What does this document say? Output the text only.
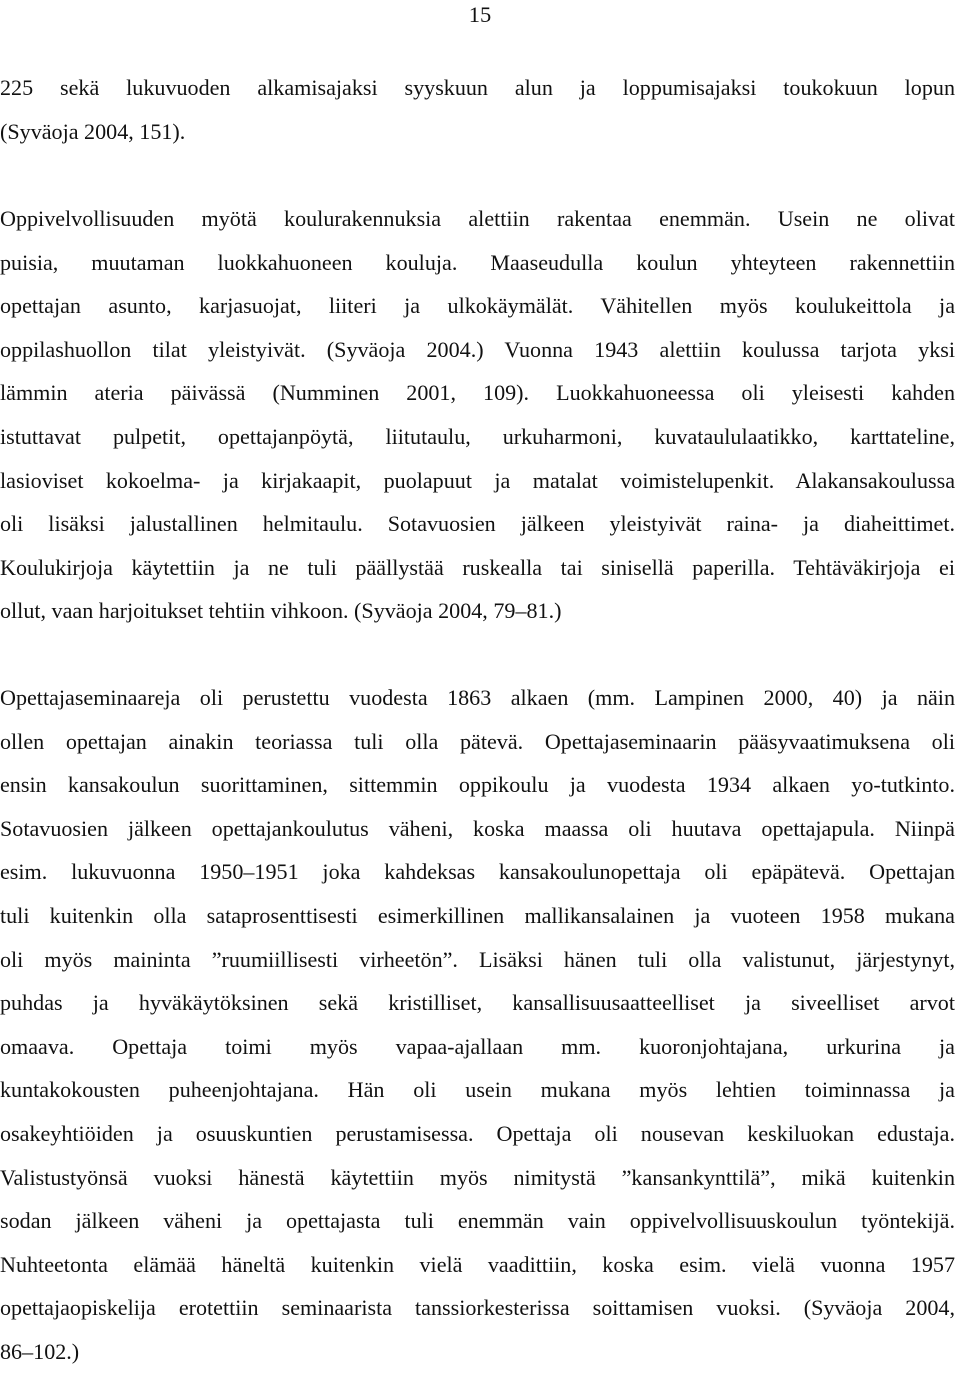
15
225 sekä lukuvuoden alkamisajaksi syyskuun alun ja loppumisajaksi toukokuun lopun
(Syväoja 2004, 151).
Oppivelvollisuuden myötä koulurakennuksia alettiin rakentaa enemmän. Usein ne olivat
puisia, muutaman luokkahuoneen kouluja. Maaseudulla koulun yhteyteen rakennettiin
opettajan asunto, karjasuojat, liiteri ja ulkokäymälät. Vähitellen myös koulukeittola ja
oppilashuollon tilat yleistyivät. (Syväoja 2004.) Vuonna 1943 alettiin koulussa tarjota yksi
lämmin ateria päivässä (Numminen 2001, 109). Luokkahuoneessa oli yleisesti kahden
istuttavat pulpetit, opettajanpöytä, liitutaulu, urkuharmoni, kuvataululaatikko, karttateline,
lasioviset kokoelma- ja kirjakaapit, puolapuut ja matalat voimistelupenkit. Alakansakoulussa
oli lisäksi jalustallinen helmitaulu. Sotavuosien jälkeen yleistyivät raina- ja diaheittimet.
Koulukirjoja käytettiin ja ne tuli päällystää ruskealla tai sinisellä paperilla. Tehtäväkirjoja ei
ollut, vaan harjoitukset tehtiin vihkoon. (Syväoja 2004, 79–81.)
Opettajaseminaareja oli perustettu vuodesta 1863 alkaen (mm. Lampinen 2000, 40) ja näin
ollen opettajan ainakin teoriassa tuli olla pätevä. Opettajaseminaarin pääsyvaatimuksena oli
ensin kansakoulun suorittaminen, sittemmin oppikoulu ja vuodesta 1934 alkaen yo-tutkinto.
Sotavuosien jälkeen opettajankoulutus väheni, koska maassa oli huutava opettajapula. Niinpä
esim. lukuvuonna 1950–1951 joka kahdeksas kansakoulunopettaja oli epäpätevä. Opettajan
tuli kuitenkin olla sataprosenttisesti esimerkillinen mallikansalainen ja vuoteen 1958 mukana
oli myös maininta ”ruumiillisesti virheetön”. Lisäksi hänen tuli olla valistunut, järjestynyt,
puhdas ja hyväkäytöksinen sekä kristilliset, kansallisuusaatteelliset ja siveelliset arvot
omaava. Opettaja toimi myös vapaa-ajallaan mm. kuoronjohtajana, urkurina ja
kuntakokousten puheenjohtajana. Hän oli usein mukana myös lehtien toiminnassa ja
osakeyhtiöiden ja osuuskuntien perustamisessa. Opettaja oli nousevan keskiluokan edustaja.
Valistustyönsä vuoksi hänestä käytettiin myös nimitystä ”kansankynttilä”, mikä kuitenkin
sodan jälkeen väheni ja opettajasta tuli enemmän vain oppivelvollisuuskoulun työntekijä.
Nuhteetonta elämää häneltä kuitenkin vielä vaadittiin, koska esim. vielä vuonna 1957
opettajaopiskelija erotettiin seminaarista tanssiorkesterissa soittamisen vuoksi. (Syväoja 2004,
86–102.)
